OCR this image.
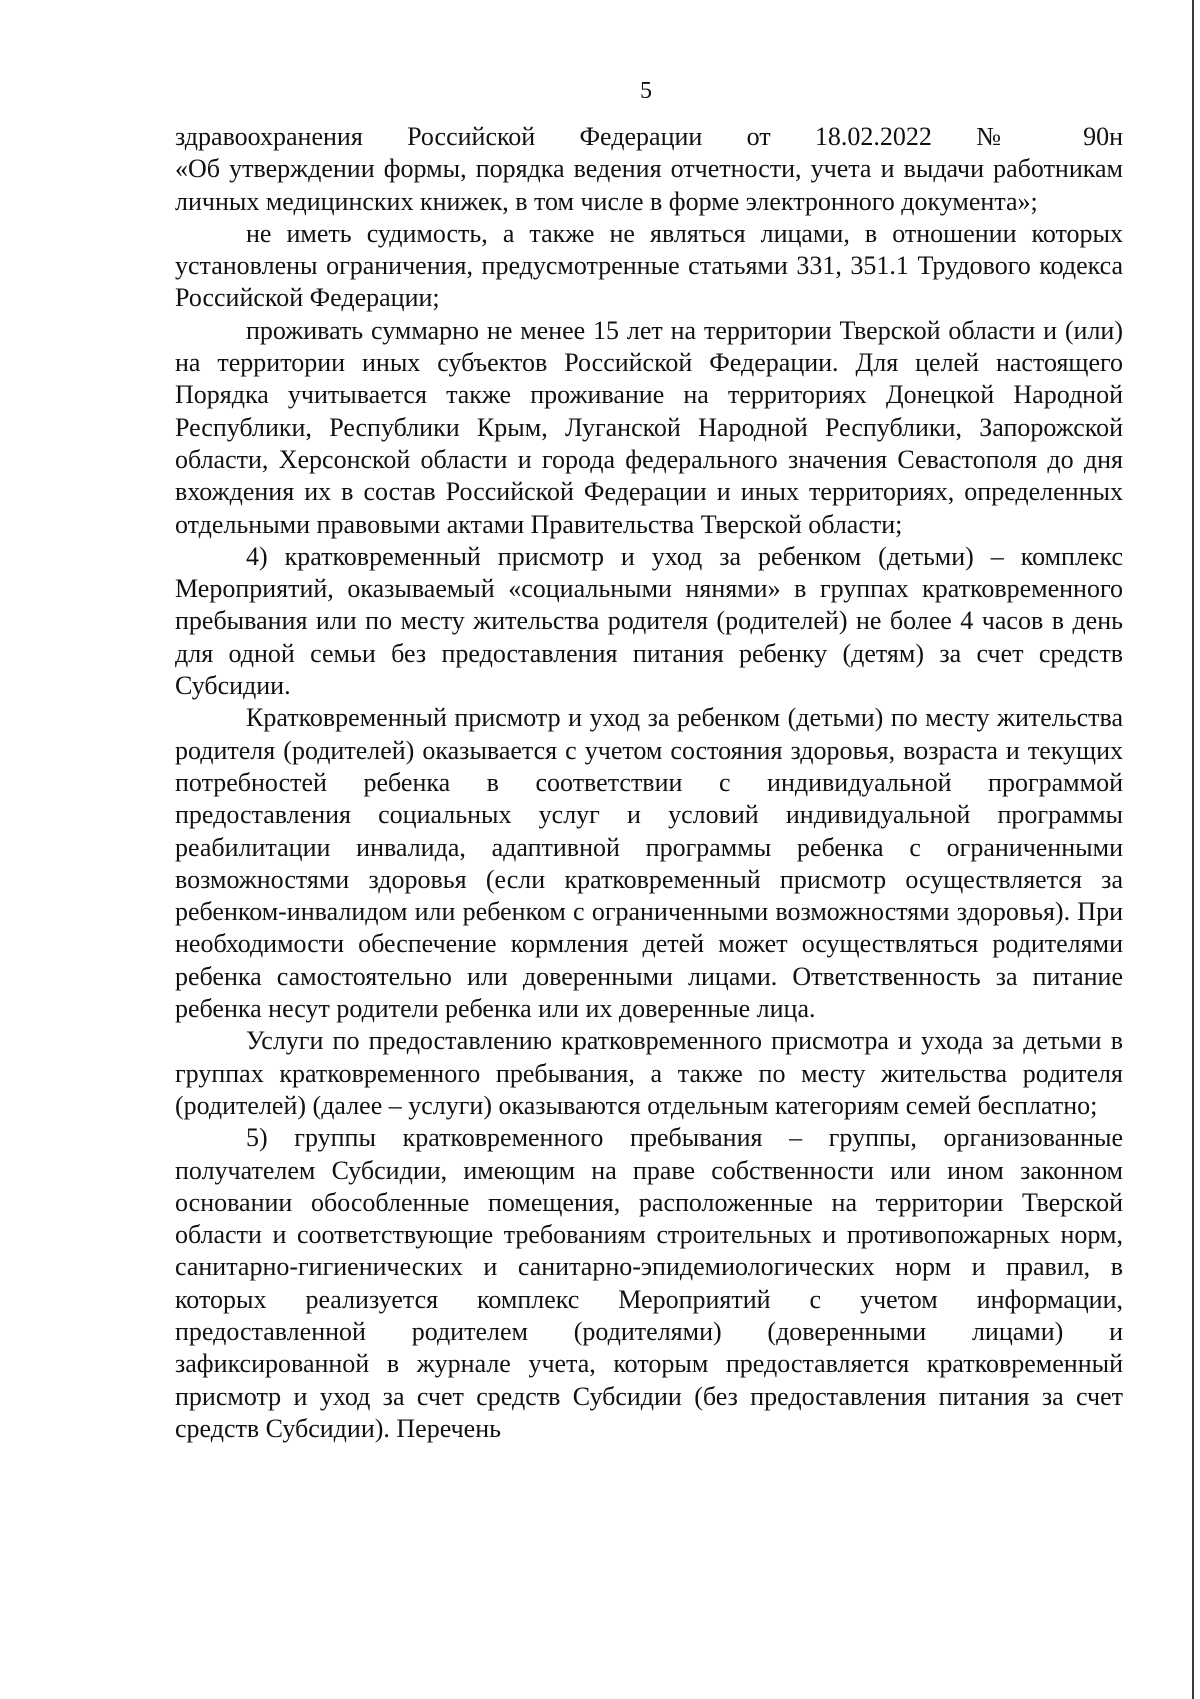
5

здравоохранения Российской Федерации от 18.02.2022 № 90н
«Об утверждении формы, порядка ведения отчетности, учета и выдачи работникам личных медицинских книжек, в том числе в форме электронного документа»;

не иметь судимость, а также не являться лицами, в отношении которых установлены ограничения, предусмотренные статьями 331, 351.1 Трудового кодекса Российской Федерации;

проживать суммарно не менее 15 лет на территории Тверской области и (или) на территории иных субъектов Российской Федерации. Для целей настоящего Порядка учитывается также проживание на территориях Донецкой Народной Республики, Республики Крым, Луганской Народной Республики, Запорожской области, Херсонской области и города федерального значения Севастополя до дня вхождения их в состав Российской Федерации и иных территориях, определенных отдельными правовыми актами Правительства Тверской области;

4) кратковременный присмотр и уход за ребенком (детьми) – комплекс Мероприятий, оказываемый «социальными нянями» в группах кратковременного пребывания или по месту жительства родителя (родителей) не более 4 часов в день для одной семьи без предоставления питания ребенку (детям) за счет средств Субсидии.

Кратковременный присмотр и уход за ребенком (детьми) по месту жительства родителя (родителей) оказывается с учетом состояния здоровья, возраста и текущих потребностей ребенка в соответствии с индивидуальной программой предоставления социальных услуг и условий индивидуальной программы реабилитации инвалида, адаптивной программы ребенка с ограниченными возможностями здоровья (если кратковременный присмотр осуществляется за ребенком-инвалидом или ребенком с ограниченными возможностями здоровья). При необходимости обеспечение кормления детей может осуществляться родителями ребенка самостоятельно или доверенными лицами. Ответственность за питание ребенка несут родители ребенка или их доверенные лица.

Услуги по предоставлению кратковременного присмотра и ухода за детьми в группах кратковременного пребывания, а также по месту жительства родителя (родителей) (далее – услуги) оказываются отдельным категориям семей бесплатно;

5) группы кратковременного пребывания – группы, организованные получателем Субсидии, имеющим на праве собственности или ином законном основании обособленные помещения, расположенные на территории Тверской области и соответствующие требованиям строительных и противопожарных норм, санитарно-гигиенических и санитарно-эпидемиологических норм и правил, в которых реализуется комплекс Мероприятий с учетом информации, предоставленной родителем (родителями) (доверенными лицами) и зафиксированной в журнале учета, которым предоставляется кратковременный присмотр и уход за счет средств Субсидии (без предоставления питания за счет средств Субсидии). Перечень
